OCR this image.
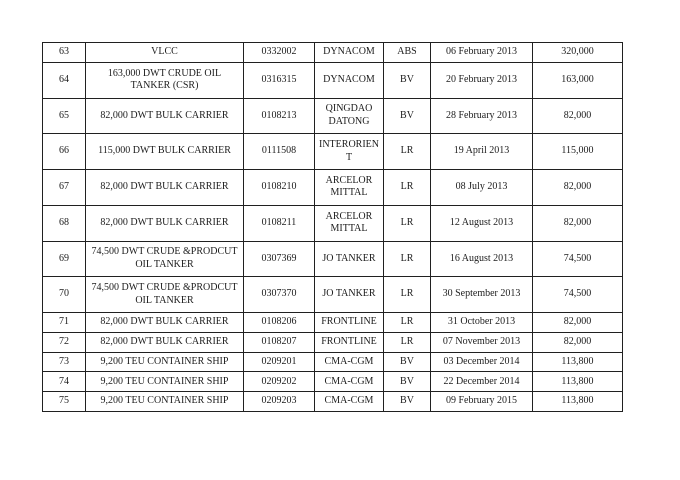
63	VLCC	0332002	DYNACOM	ABS	06 February 2013	320,000
64	163,000 DWT CRUDE OIL TANKER (CSR)	0316315	DYNACOM	BV	20 February 2013	163,000
65	82,000 DWT BULK CARRIER	0108213	QINGDAO DATONG	BV	28 February 2013	82,000
66	115,000 DWT BULK CARRIER	0111508	INTERORIENT	LR	19 April 2013	115,000
67	82,000 DWT BULK CARRIER	0108210	ARCELOR MITTAL	LR	08 July 2013	82,000
68	82,000 DWT BULK CARRIER	0108211	ARCELOR MITTAL	LR	12 August 2013	82,000
69	74,500 DWT CRUDE &PRODCUT OIL TANKER	0307369	JO TANKER	LR	16 August 2013	74,500
70	74,500 DWT CRUDE &PRODCUT OIL TANKER	0307370	JO TANKER	LR	30 September 2013	74,500
71	82,000 DWT BULK CARRIER	0108206	FRONTLINE	LR	31 October 2013	82,000
72	82,000 DWT BULK CARRIER	0108207	FRONTLINE	LR	07 November 2013	82,000
73	9,200 TEU CONTAINER SHIP	0209201	CMA-CGM	BV	03 December 2014	113,800
74	9,200 TEU CONTAINER SHIP	0209202	CMA-CGM	BV	22 December 2014	113,800
75	9,200 TEU CONTAINER SHIP	0209203	CMA-CGM	BV	09 February 2015	113,800
